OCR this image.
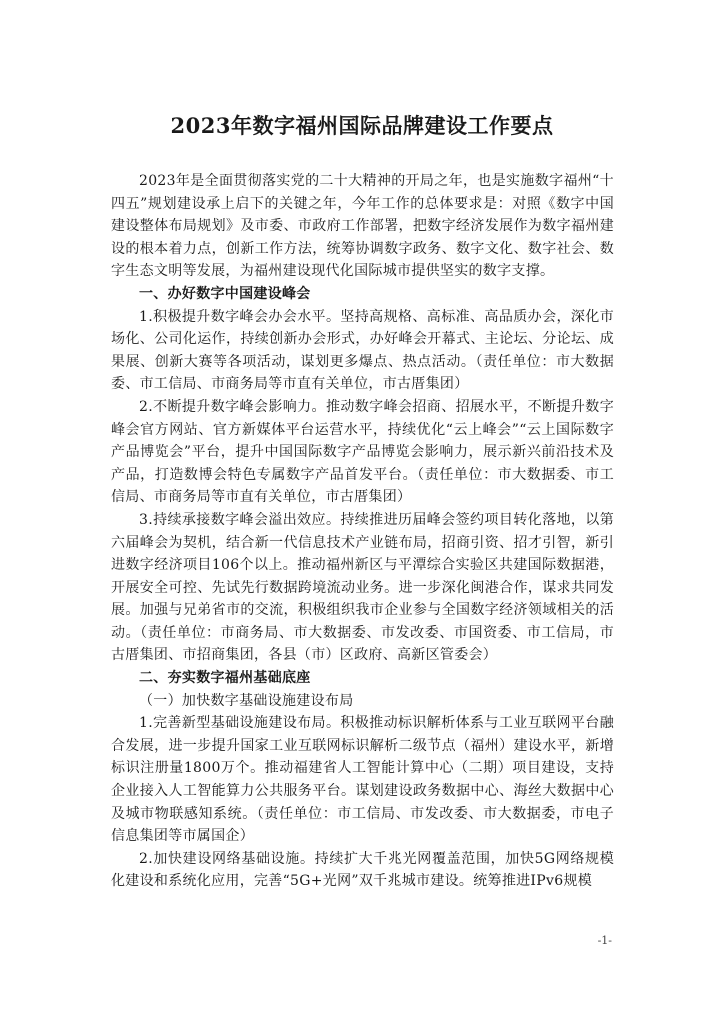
2023年数字福州国际品牌建设工作要点

2023年是全面贯彻落实党的二十大精神的开局之年，也是实施数字福州“十四五”规划建设承上启下的关键之年，今年工作的总体要求是：对照《数字中国建设整体布局规划》及市委、市政府工作部署，把数字经济发展作为数字福州建设的根本着力点，创新工作方法，统筹协调数字政务、数字文化、数字社会、数字生态文明等发展，为福州建设现代化国际城市提供坚实的数字支撑。

一、办好数字中国建设峰会

1.积极提升数字峰会办会水平。坚持高规格、高标准、高品质办会，深化市场化、公司化运作，持续创新办会形式，办好峰会开幕式、主论坛、分论坛、成果展、创新大赛等各项活动，谋划更多爆点、热点活动。（责任单位：市大数据委、市工信局、市商务局等市直有关单位，市古厝集团）

2.不断提升数字峰会影响力。推动数字峰会招商、招展水平，不断提升数字峰会官方网站、官方新媒体平台运营水平，持续优化“云上峰会”“云上国际数字产品博览会”平台，提升中国国际数字产品博览会影响力，展示新兴前沿技术及产品，打造数博会特色专属数字产品首发平台。（责任单位：市大数据委、市工信局、市商务局等市直有关单位，市古厝集团）

3.持续承接数字峰会溢出效应。持续推进历届峰会签约项目转化落地，以第六届峰会为契机，结合新一代信息技术产业链布局，招商引资、招才引智，新引进数字经济项目106个以上。推动福州新区与平潭综合实验区共建国际数据港，开展安全可控、先试先行数据跨境流动业务。进一步深化闽港合作，谋求共同发展。加强与兄弟省市的交流，积极组织我市企业参与全国数字经济领域相关的活动。（责任单位：市商务局、市大数据委、市发改委、市国资委、市工信局，市古厝集团、市招商集团，各县（市）区政府、高新区管委会）

二、夯实数字福州基础底座

（一）加快数字基础设施建设布局

1.完善新型基础设施建设布局。积极推动标识解析体系与工业互联网平台融合发展，进一步提升国家工业互联网标识解析二级节点（福州）建设水平，新增标识注册量1800万个。推动福建省人工智能计算中心（二期）项目建设，支持企业接入人工智能算力公共服务平台。谋划建设政务数据中心、海丝大数据中心及城市物联感知系统。（责任单位：市工信局、市发改委、市大数据委，市电子信息集团等市属国企）

2.加快建设网络基础设施。持续扩大千兆光网覆盖范围，加快5G网络规模化建设和系统化应用，完善“5G+光网”双千兆城市建设。统筹推进IPv6规模

-1-
